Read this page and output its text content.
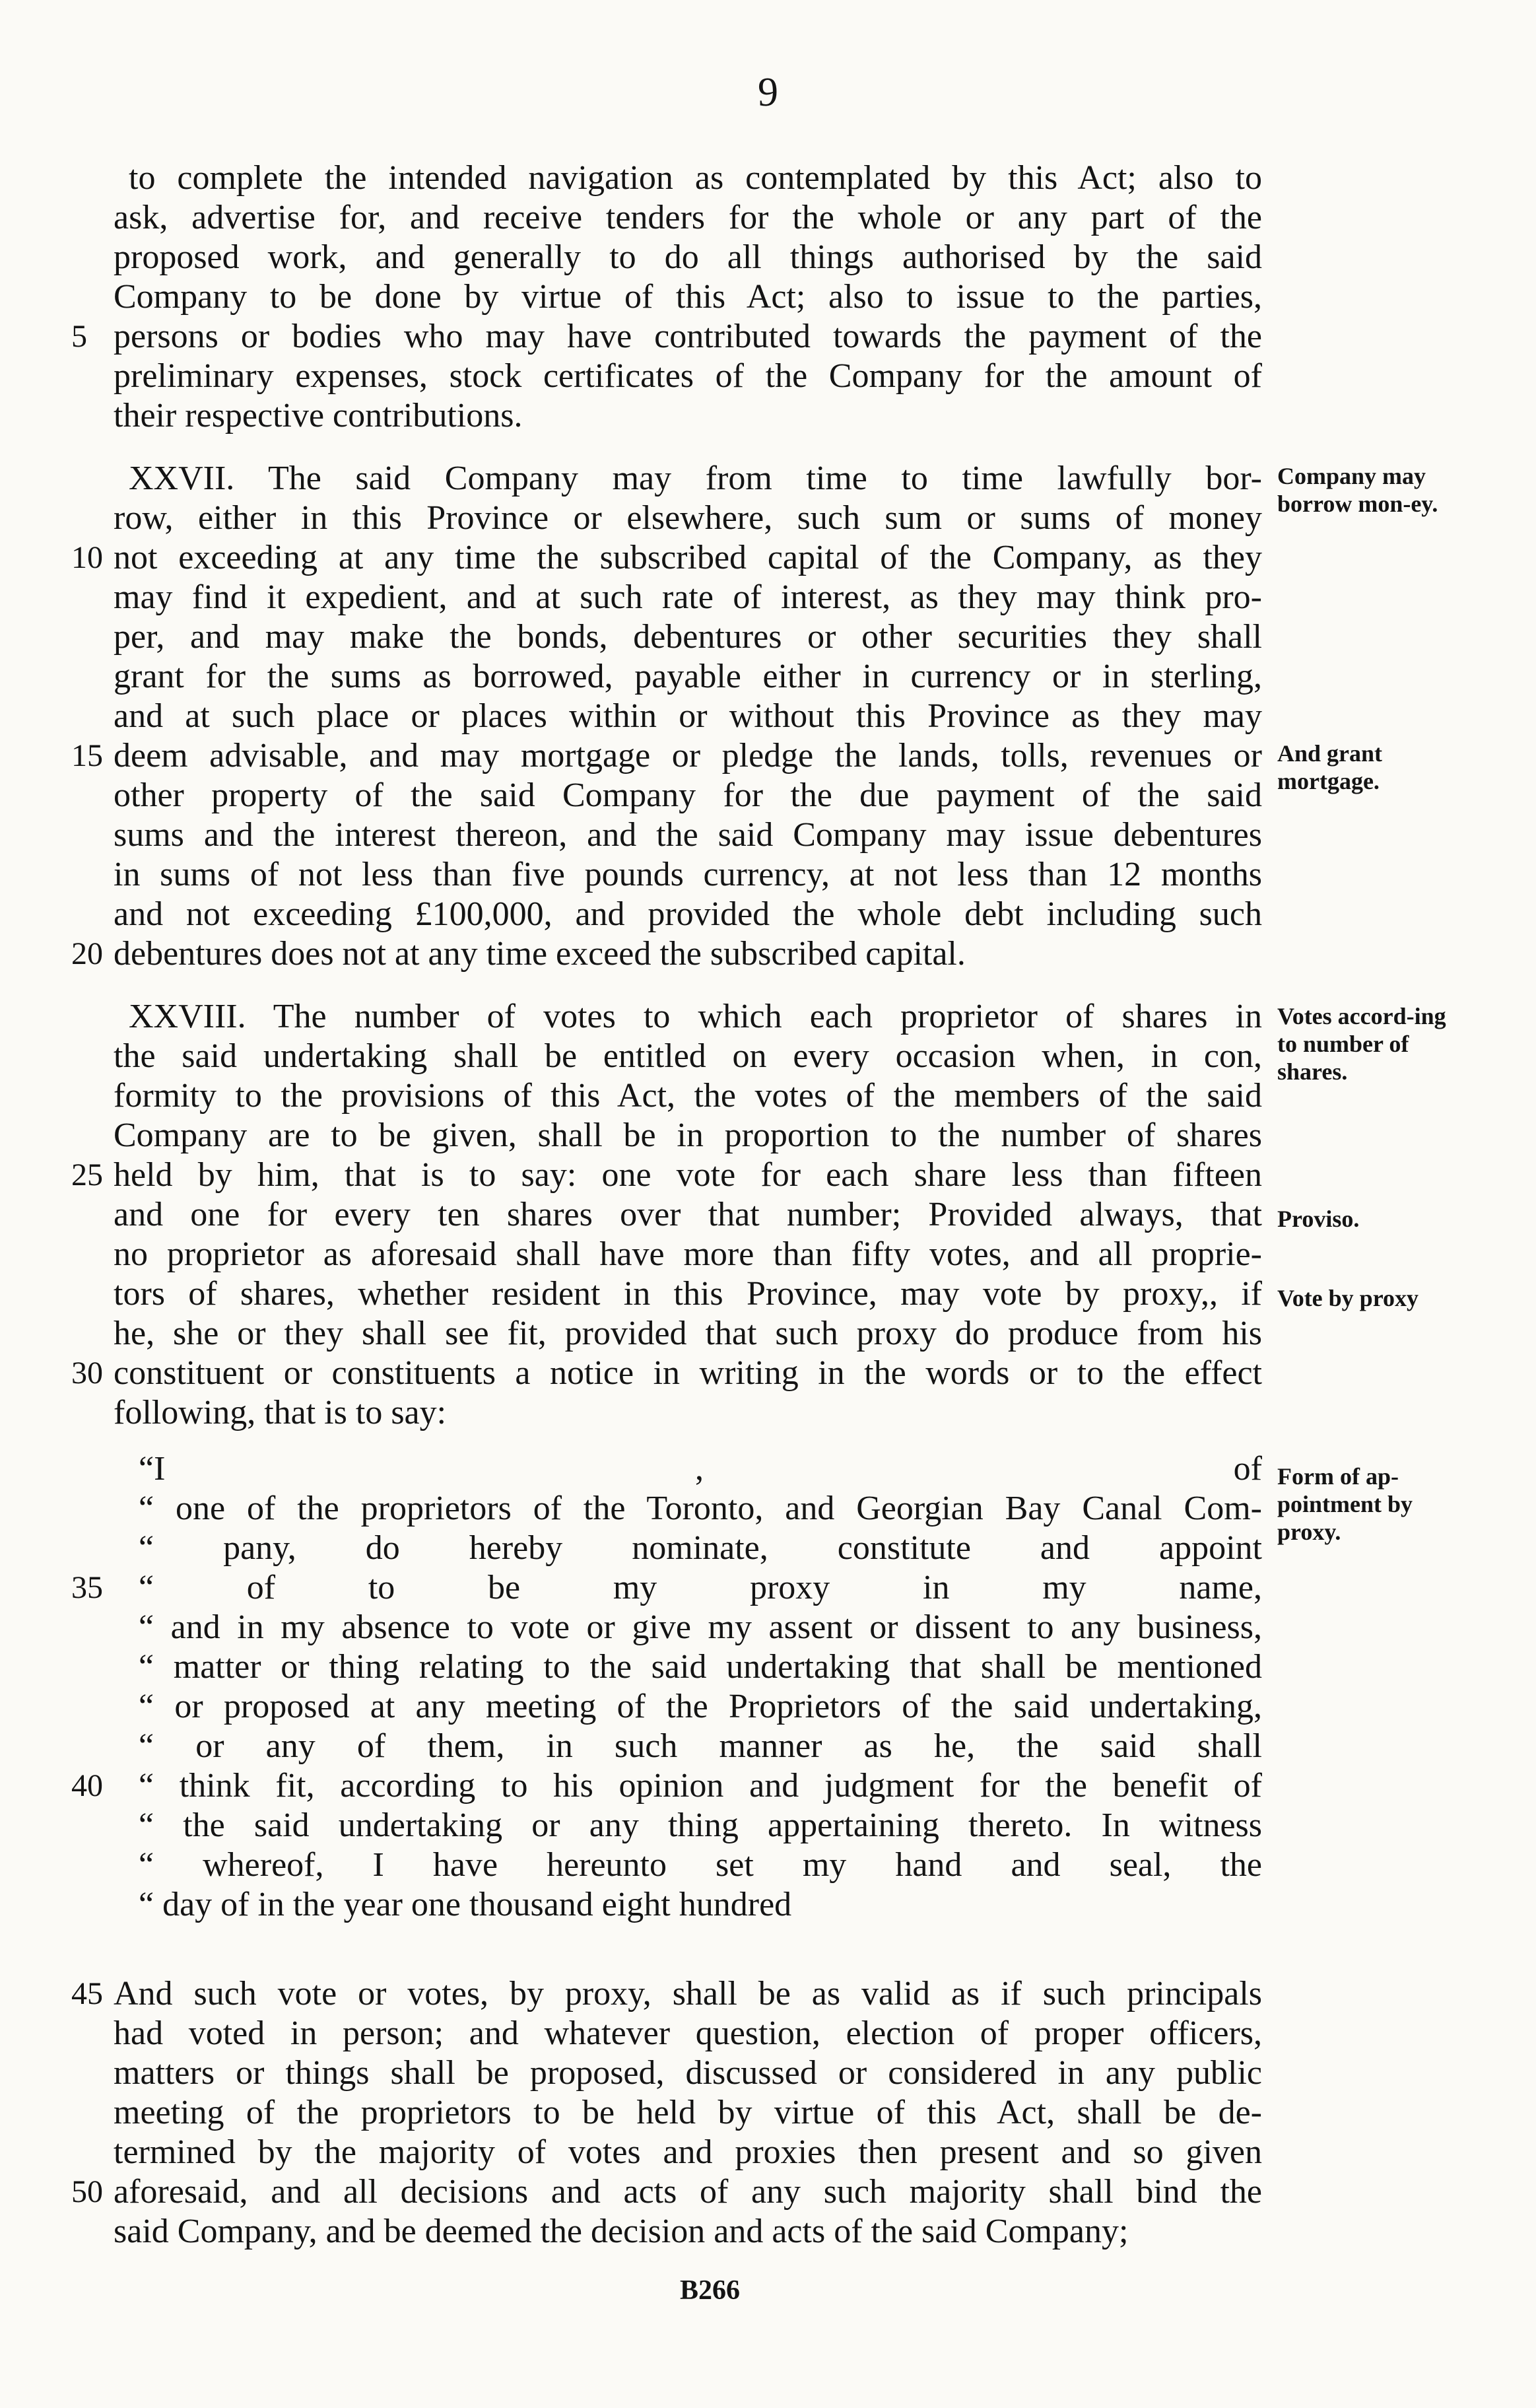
9
to complete the intended navigation as contemplated by this Act; also to
ask, advertise for, and receive tenders for the whole or any part of the
proposed work, and generally to do all things authorised by the said
Company to be done by virtue of this Act; also to issue to the parties,
persons or bodies who may have contributed towards the payment of the
preliminary expenses, stock certificates of the Company for the amount of
their respective contributions.
5
XXVII. The said Company may from time to time lawfully bor-
row, either in this Province or elsewhere, such sum or sums of money
not exceeding at any time the subscribed capital of the Company, as they
may find it expedient, and at such rate of interest, as they may think pro-
per, and may make the bonds, debentures or other securities they shall
grant for the sums as borrowed, payable either in currency or in sterling,
and at such place or places within or without this Province as they may
deem advisable, and may mortgage or pledge the lands, tolls, revenues or
other property of the said Company for the due payment of the said
sums and the interest thereon, and the said Company may issue debentures
in sums of not less than five pounds currency, at not less than 12 months
and not exceeding £100,000, and provided the whole debt including such
debentures does not at any time exceed the subscribed capital.
10
15
20
XXVIII. The number of votes to which each proprietor of shares in
the said undertaking shall be entitled on every occasion when, in con,
formity to the provisions of this Act, the votes of the members of the said
Company are to be given, shall be in proportion to the number of shares
held by him, that is to say: one vote for each share less than fifteen
and one for every ten shares over that number; Provided always, that
no proprietor as aforesaid shall have more than fifty votes, and all proprie-
tors of shares, whether resident in this Province, may vote by proxy,, if
he, she or they shall see fit, provided that such proxy do produce from his
constituent or constituents a notice in writing in the words or to the effect
following, that is to say:
25
30
“I , of
“ one of the proprietors of the Toronto, and Georgian Bay Canal Com-
“ pany, do hereby nominate, constitute and appoint
“ of to be my proxy in my name,
“ and in my absence to vote or give my assent or dissent to any business,
“ matter or thing relating to the said undertaking that shall be mentioned
“ or proposed at any meeting of the Proprietors of the said undertaking,
“ or any of them, in such manner as he, the said shall
“ think fit, according to his opinion and judgment for the benefit of
“ the said undertaking or any thing appertaining thereto. In witness
“ whereof, I have hereunto set my hand and seal, the
“ day of in the year one thousand eight hundred
35
40
And such vote or votes, by proxy, shall be as valid as if such principals
had voted in person; and whatever question, election of proper officers,
matters or things shall be proposed, discussed or considered in any public
meeting of the proprietors to be held by virtue of this Act, shall be de-
termined by the majority of votes and proxies then present and so given
aforesaid, and all decisions and acts of any such majority shall bind the
said Company, and be deemed the decision and acts of the said Company;
45
50
Company may borrow mon-ey.
And grant mortgage.
Votes accord-ing to number of shares.
Proviso.
Vote by proxy
Form of ap-pointment by proxy.
B266
